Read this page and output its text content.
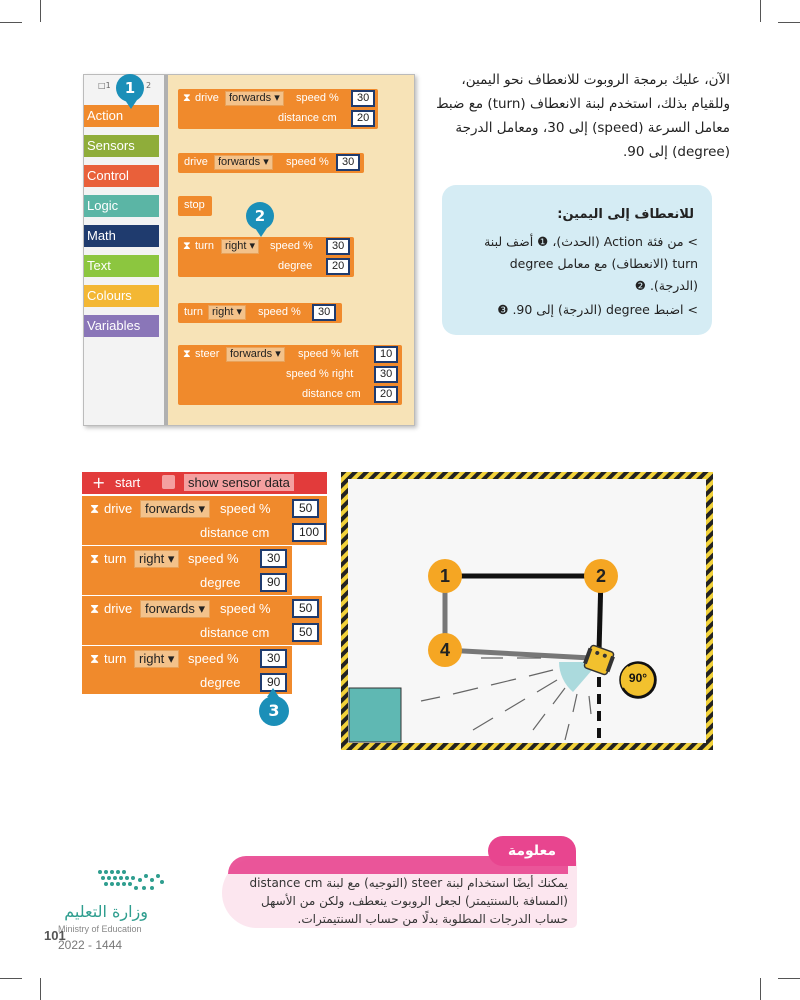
الآن، عليك برمجة الروبوت للانعطاف نحو اليمين، وللقيام بذلك، استخدم لبنة الانعطاف (turn) مع ضبط معامل السرعة (speed) إلى 30، ومعامل الدرجة (degree) إلى 90.
للانعطاف إلى اليمين:
> من فئة Action (الحدث)، ❶ أضف لبنة turn (الانعطاف) مع معامل degree (الدرجة). ❷
> اضبط degree (الدرجة) إلى 90. ❸
□1	2
Action
Sensors
Control
Logic
Math
Text
Colours
Variables
⧗ drive forwards ▾	speed %	30
distance cm	20
drive forwards ▾	speed %	30
stop
⧗ turn	right ▾	speed %	30
degree	20
turn right ▾	speed %	30
⧗ steer forwards ▾	speed % left	10
speed % right	30
distance cm	20
1
2
+ start	show sensor data
⧗ drive forwards ▾	speed %	50
distance cm	100
⧗ turn right ▾	speed %	30
degree	90
⧗ drive forwards ▾	speed %	50
distance cm	50
⧗ turn right ▾	speed %	30
degree	90
3
1	2
4
90°
معلومة
يمكنك أيضًا استخدام لبنة steer (التوجيه) مع لبنة distance cm (المسافة بالسنتيمتر) لجعل الروبوت ينعطف، ولكن من الأسهل حساب الدرجات المطلوبة بدلًا من حساب السنتيمترات.
وزارة التعليم
Ministry of Education
101
2022 - 1444
